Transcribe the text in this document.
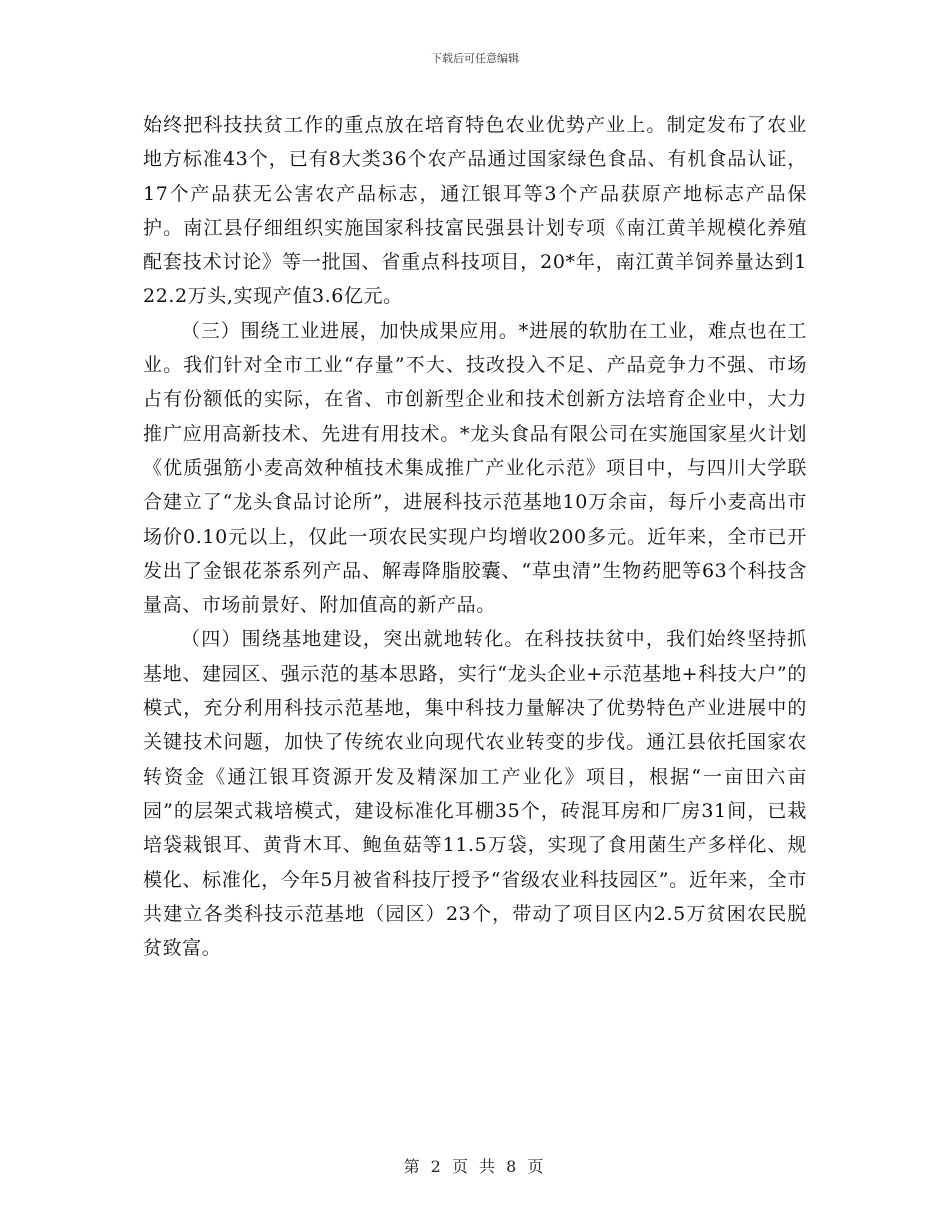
下载后可任意编辑

始终把科技扶贫工作的重点放在培育特色农业优势产业上。制定发布了农业地方标准43个，已有8大类36个农产品通过国家绿色食品、有机食品认证，17个产品获无公害农产品标志，通江银耳等3个产品获原产地标志产品保护。南江县仔细组织实施国家科技富民强县计划专项《南江黄羊规模化养殖配套技术讨论》等一批国、省重点科技项目，20*年，南江黄羊饲养量达到122.2万头,实现产值3.6亿元。

（三）围绕工业进展，加快成果应用。*进展的软肋在工业，难点也在工业。我们针对全市工业“存量”不大、技改投入不足、产品竞争力不强、市场占有份额低的实际，在省、市创新型企业和技术创新方法培育企业中，大力推广应用高新技术、先进有用技术。*龙头食品有限公司在实施国家星火计划《优质强筋小麦高效种植技术集成推广产业化示范》项目中，与四川大学联合建立了“龙头食品讨论所”，进展科技示范基地10万余亩，每斤小麦高出市场价0.10元以上，仅此一项农民实现户均增收200多元。近年来，全市已开发出了金银花茶系列产品、解毒降脂胶囊、“草虫清”生物药肥等63个科技含量高、市场前景好、附加值高的新产品。

（四）围绕基地建设，突出就地转化。在科技扶贫中，我们始终坚持抓基地、建园区、强示范的基本思路，实行“龙头企业+示范基地+科技大户”的模式，充分利用科技示范基地，集中科技力量解决了优势特色产业进展中的关键技术问题，加快了传统农业向现代农业转变的步伐。通江县依托国家农转资金《通江银耳资源开发及精深加工产业化》项目，根据“一亩田六亩园”的层架式栽培模式，建设标准化耳棚35个，砖混耳房和厂房31间，已栽培袋栽银耳、黄背木耳、鲍鱼菇等11.5万袋，实现了食用菌生产多样化、规模化、标准化，今年5月被省科技厅授予“省级农业科技园区”。近年来，全市共建立各类科技示范基地（园区）23个，带动了项目区内2.5万贫困农民脱贫致富。

第 2 页 共 8 页
